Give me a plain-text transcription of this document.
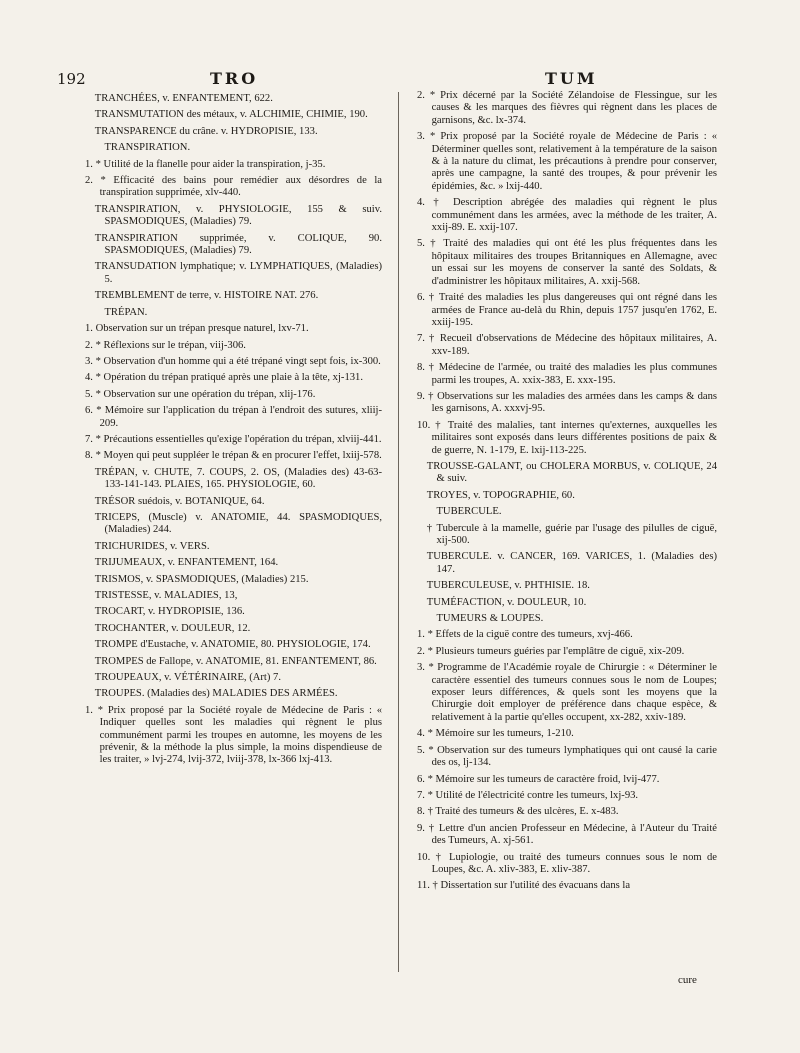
192	TRO	TUM

TRANCHÉES, v. ENFANTEMENT, 622.

TRANSMUTATION des métaux, v. ALCHIMIE, CHIMIE, 190.

TRANSPARENCE du crâne. v. HYDROPISIE, 133.

TRANSPIRATION.

1. * Utilité de la flanelle pour aider la transpiration, j-35.

2. * Efficacité des bains pour remédier aux désordres de la transpiration supprimée, xlv-440.

TRANSPIRATION, v. PHYSIOLOGIE, 155 & suiv. SPASMODIQUES, (Maladies) 79.

TRANSPIRATION supprimée, v. COLIQUE, 90. SPASMODIQUES, (Maladies) 79.

TRANSUDATION lymphatique; v. LYMPHATIQUES, (Maladies) 5.

TREMBLEMENT de terre, v. HISTOIRE NAT. 276.

TRÉPAN.

1. Observation sur un trépan presque naturel, lxv-71.

2. * Réflexions sur le trépan, viij-306.

3. * Observation d'un homme qui a été trépané vingt sept fois, ix-300.

4. * Opération du trépan pratiqué après une plaie à la tête, xj-131.

5. * Observation sur une opération du trépan, xlij-176.

6. * Mémoire sur l'application du trépan à l'endroit des sutures, xliij-209.

7. * Précautions essentielles qu'exige l'opération du trépan, xlviij-441.

8. * Moyen qui peut suppléer le trépan & en procurer l'effet, lxiij-578.

TRÉPAN, v. CHUTE, 7. COUPS, 2. OS, (Maladies des) 43-63-133-141-143. PLAIES, 165. PHYSIOLOGIE, 60.

TRÉSOR suédois, v. BOTANIQUE, 64.

TRICEPS, (Muscle) v. ANATOMIE, 44. SPASMODIQUES, (Maladies) 244.

TRICHURIDES, v. VERS.

TRIJUMEAUX, v. ENFANTEMENT, 164.

TRISMOS, v. SPASMODIQUES, (Maladies) 215.

TRISTESSE, v. MALADIES, 13,

TROCART, v. HYDROPISIE, 136.

TROCHANTER, v. DOULEUR, 12.

TROMPE d'Eustache, v. ANATOMIE, 80. PHYSIOLOGIE, 174.

TROMPES de Fallope, v. ANATOMIE, 81. ENFANTEMENT, 86.

TROUPEAUX, v. VÉTÉRINAIRE, (Art) 7.

TROUPES. (Maladies des) MALADIES DES ARMÉES.

1. * Prix proposé par la Société royale de Médecine de Paris : « Indiquer quelles sont les maladies qui règnent le plus communément parmi les troupes en automne, les moyens de les prévenir, & la méthode la plus simple, la moins dispendieuse de les traiter, » lvj-274, lvij-372, lviij-378, lx-366 lxj-413.

2. * Prix décerné par la Société Zélandoise de Flessingue, sur les causes & les marques des fièvres qui règnent dans les places de garnisons, &c. lx-374.

3. * Prix proposé par la Société royale de Médecine de Paris : « Déterminer quelles sont, relativement à la température de la saison & à la nature du climat, les précautions à prendre pour conserver, après une campagne, la santé des troupes, & pour prévenir les épidémies, &c. » lxij-440.

4. † Description abrégée des maladies qui règnent le plus communément dans les armées, avec la méthode de les traiter, A. xxij-89. E. xxij-107.

5. † Traité des maladies qui ont été les plus fréquentes dans les hôpitaux militaires des troupes Britanniques en Allemagne, avec un essai sur les moyens de conserver la santé des Soldats, & d'administrer les hôpitaux militaires, A. xxij-568.

6. † Traité des maladies les plus dangereuses qui ont régné dans les armées de France au-delà du Rhin, depuis 1757 jusqu'en 1762, E. xxiij-195.

7. † Recueil d'observations de Médecine des hôpitaux militaires, A. xxv-189.

8. † Médecine de l'armée, ou traité des maladies les plus communes parmi les troupes, A. xxix-383, E. xxx-195.

9. † Observations sur les maladies des armées dans les camps & dans les garnisons, A. xxxvj-95.

10. † Traité des malalies, tant internes qu'externes, auxquelles les militaires sont exposés dans leurs différentes positions de paix & de guerre, N. 1-179, E. lxij-113-225.

TROUSSE-GALANT, ou CHOLERA MORBUS, v. COLIQUE, 24 & suiv.

TROYES, v. TOPOGRAPHIE, 60.

TUBERCULE.

† Tubercule à la mamelle, guérie par l'usage des pilulles de ciguë, xij-500.

TUBERCULE. v. CANCER, 169. VARICES, 1. (Maladies des) 147.

TUBERCULEUSE, v. PHTHISIE. 18.

TUMÉFACTION, v. DOULEUR, 10.

TUMEURS & LOUPES.

1. * Effets de la ciguë contre des tumeurs, xvj-466.

2. * Plusieurs tumeurs guéries par l'emplâtre de ciguë, xix-209.

3. * Programme de l'Académie royale de Chirurgie : « Déterminer le caractère essentiel des tumeurs connues sous le nom de Loupes; exposer leurs différences, & quels sont les moyens que la Chirurgie doit employer de préférence dans chaque espèce, & relativement à la partie qu'elles occupent, xx-282, xxiv-189.

4. * Mémoire sur les tumeurs, 1-210.

5. * Observation sur des tumeurs lymphatiques qui ont causé la carie des os, lj-134.

6. * Mémoire sur les tumeurs de caractère froid, lvij-477.

7. * Utilité de l'électricité contre les tumeurs, lxj-93.

8. † Traité des tumeurs & des ulcères, E. x-483.

9. † Lettre d'un ancien Professeur en Médecine, à l'Auteur du Traité des Tumeurs, A. xj-561.

10. † Lupiologie, ou traité des tumeurs connues sous le nom de Loupes, &c. A. xliv-383, E. xliv-387.

11. † Dissertation sur l'utilité des évacuans dans la

cure
